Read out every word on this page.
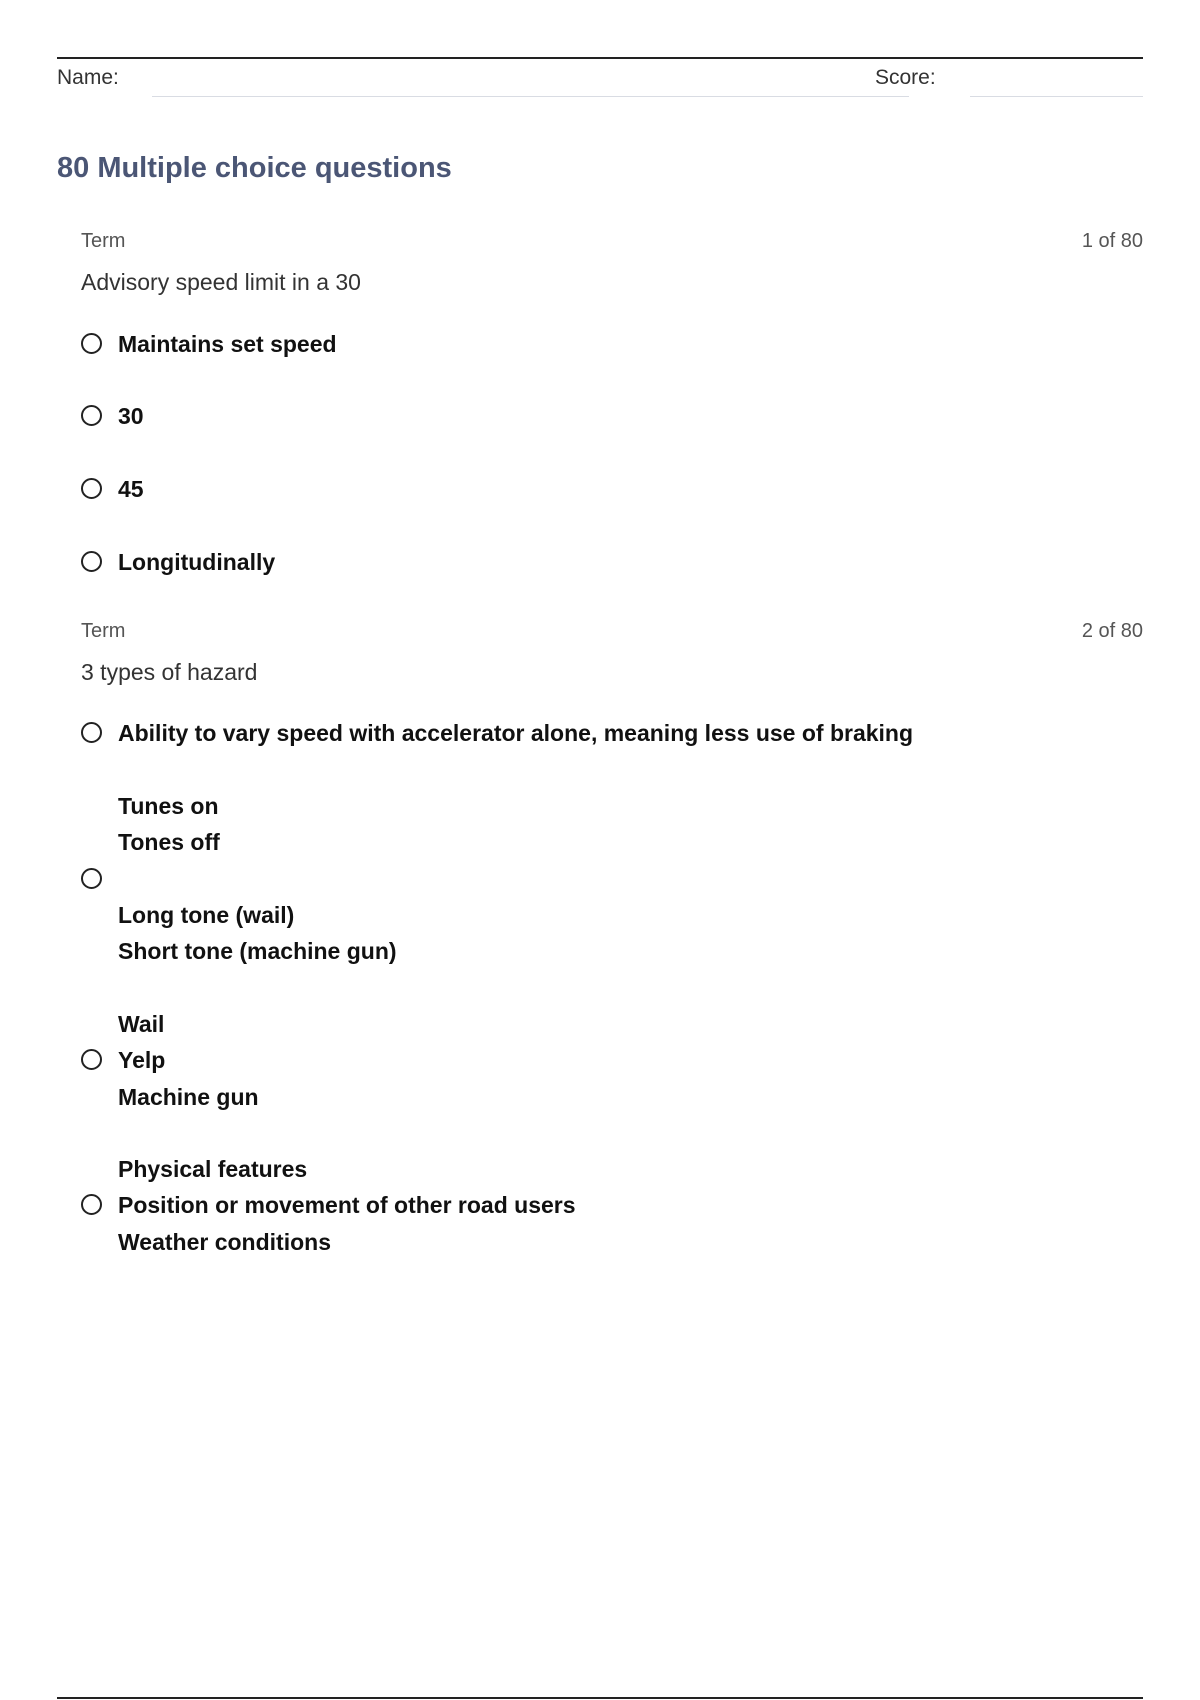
Name:	Score:
80 Multiple choice questions
Term	1 of 80
Advisory speed limit in a 30
Maintains set speed
30
45
Longitudinally
Term	2 of 80
3 types of hazard
Ability to vary speed with accelerator alone, meaning less use of braking
Tunes on
Tones off
Long tone (wail)
Short tone (machine gun)
Wail
Yelp
Machine gun
Physical features
Position or movement of other road users
Weather conditions
